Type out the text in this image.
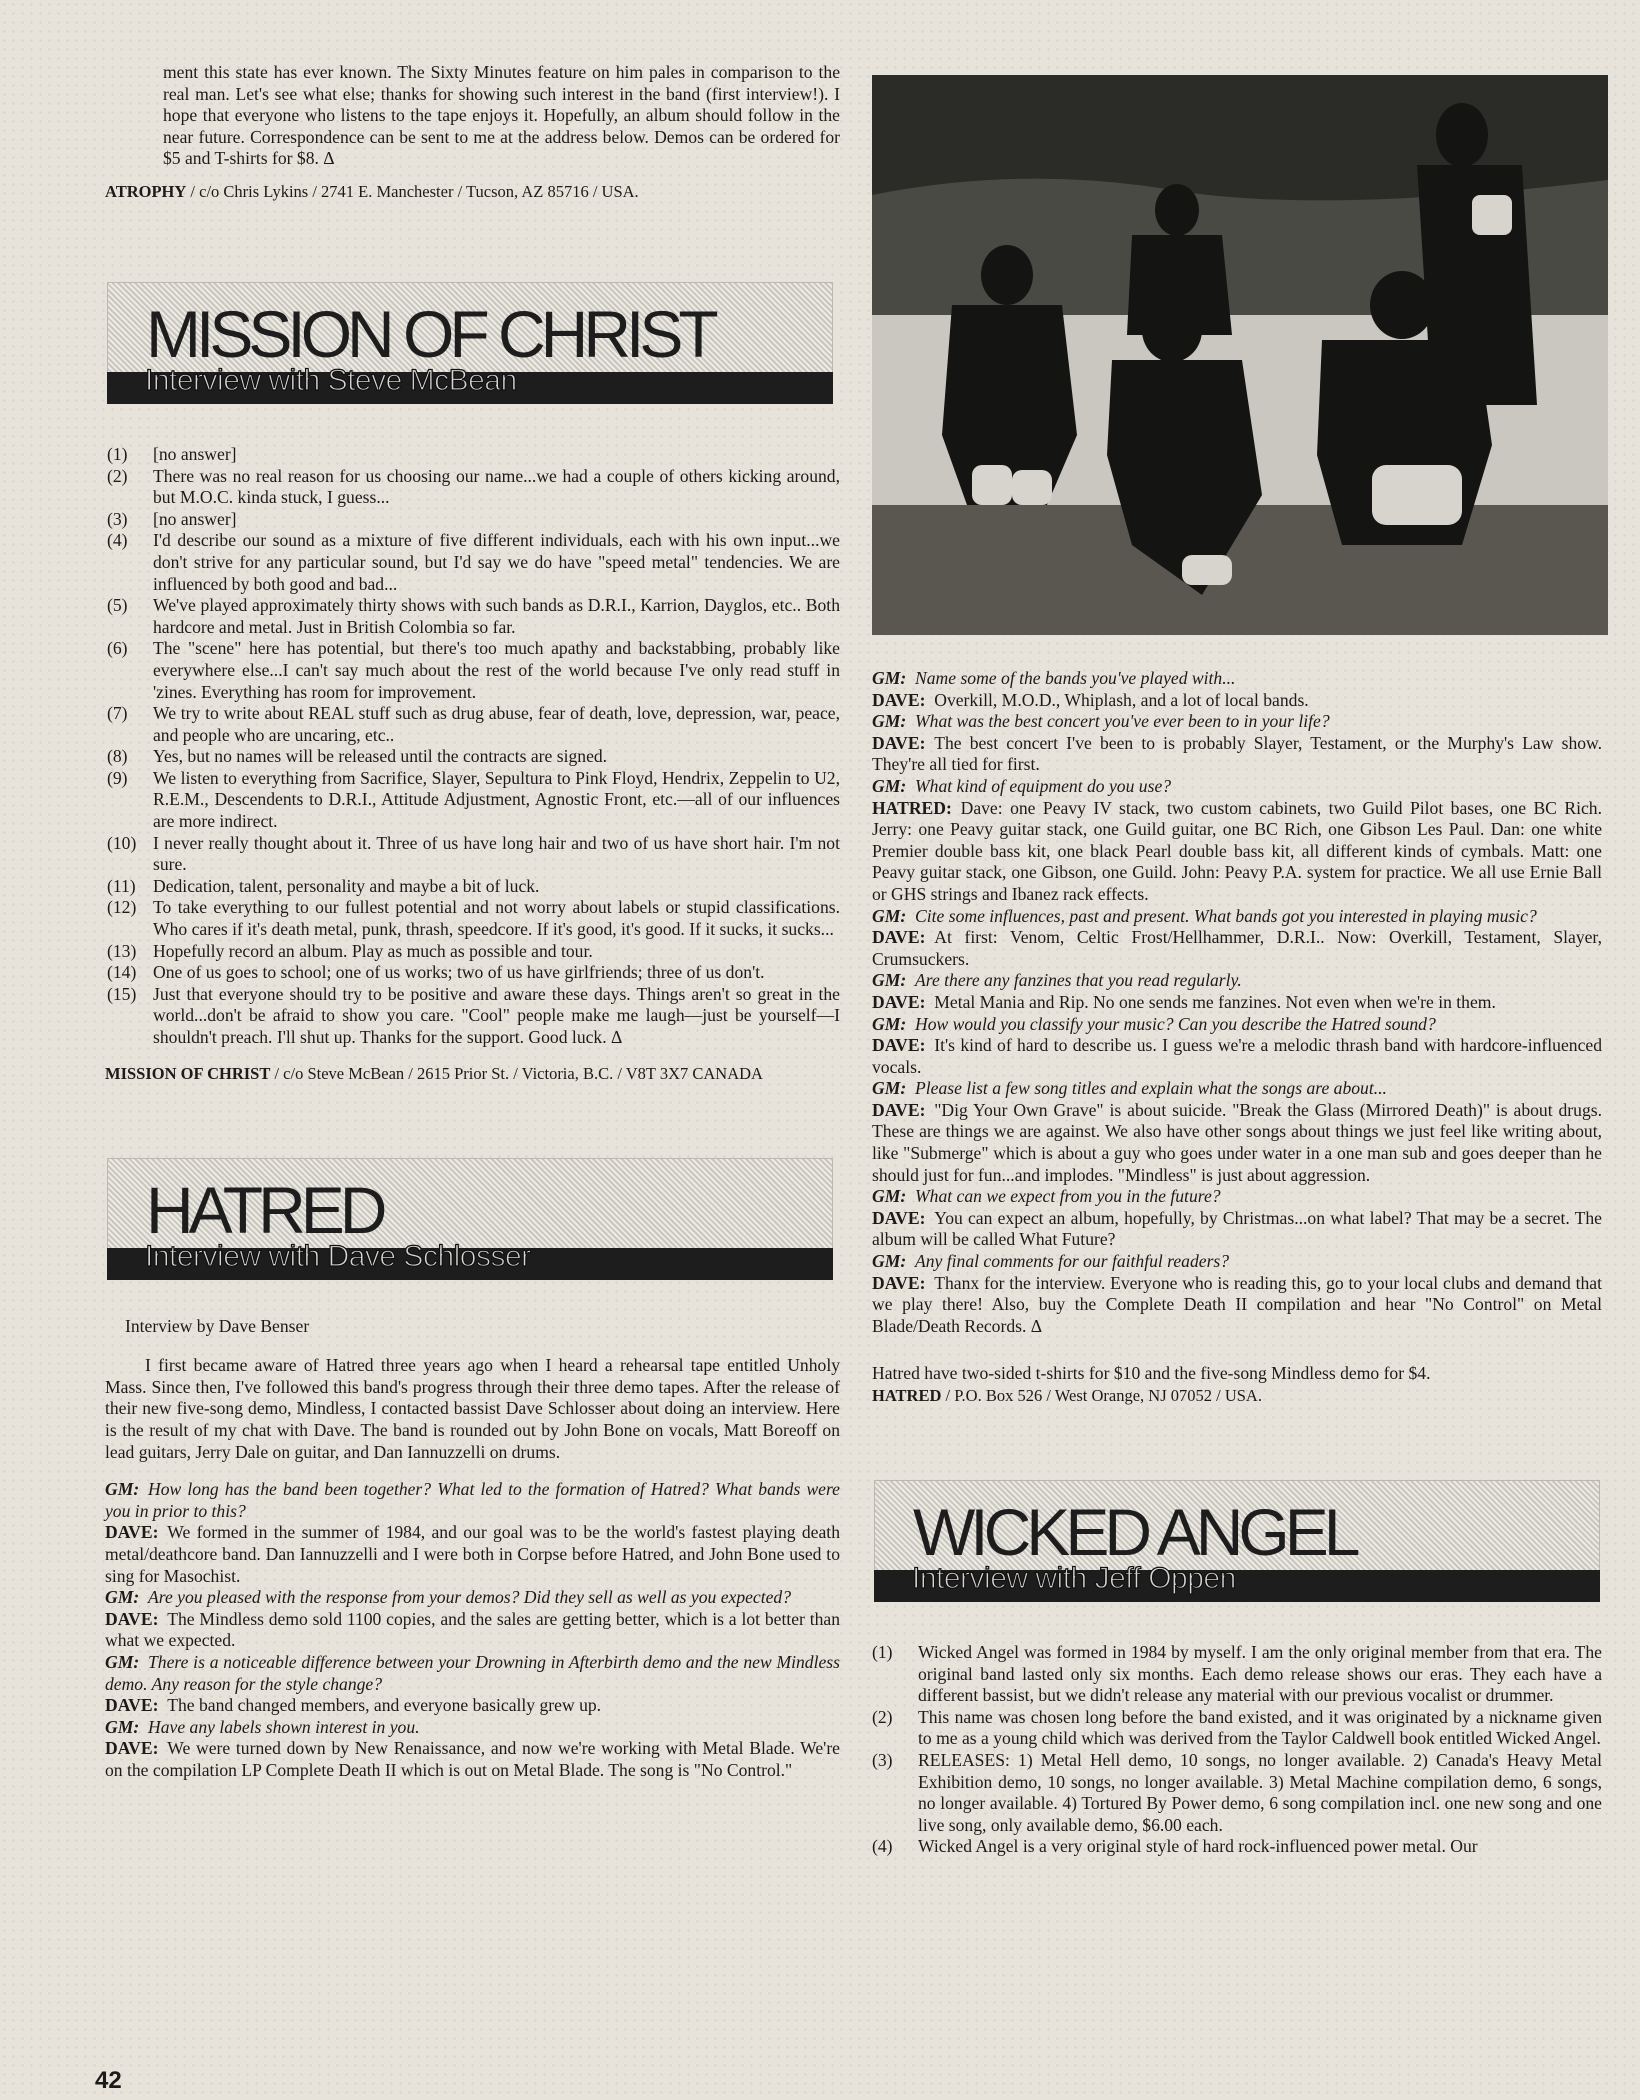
ment this state has ever known. The Sixty Minutes feature on him pales in comparison to the real man. Let's see what else; thanks for showing such interest in the band (first interview!). I hope that everyone who listens to the tape enjoys it. Hopefully, an album should follow in the near future. Correspondence can be sent to me at the address below. Demos can be ordered for $5 and T-shirts for $8. Δ

ATROPHY / c/o Chris Lykins / 2741 E. Manchester / Tucson, AZ 85716 / USA.

MISSION OF CHRIST
Interview with Steve McBean
(1)	[no answer]
(2)	There was no real reason for us choosing our name...we had a couple of others kicking around, but M.O.C. kinda stuck, I guess...
(3)	[no answer]
(4)	I'd describe our sound as a mixture of five different individuals, each with his own input...we don't strive for any particular sound, but I'd say we do have "speed metal" tendencies. We are influenced by both good and bad...
(5)	We've played approximately thirty shows with such bands as D.R.I., Karrion, Dayglos, etc.. Both hardcore and metal. Just in British Colombia so far.
(6)	The "scene" here has potential, but there's too much apathy and backstabbing, probably like everywhere else...I can't say much about the rest of the world because I've only read stuff in 'zines. Everything has room for improvement.
(7)	We try to write about REAL stuff such as drug abuse, fear of death, love, depression, war, peace, and people who are uncaring, etc..
(8)	Yes, but no names will be released until the contracts are signed.
(9)	We listen to everything from Sacrifice, Slayer, Sepultura to Pink Floyd, Hendrix, Zeppelin to U2, R.E.M., Descendents to D.R.I., Attitude Adjustment, Agnostic Front, etc.—all of our influences are more indirect.
(10) I never really thought about it. Three of us have long hair and two of us have short hair. I'm not sure.
(11) Dedication, talent, personality and maybe a bit of luck.
(12) To take everything to our fullest potential and not worry about labels or stupid classifications. Who cares if it's death metal, punk, thrash, speedcore. If it's good, it's good. If it sucks, it sucks...
(13) Hopefully record an album. Play as much as possible and tour.
(14) One of us goes to school; one of us works; two of us have girlfriends; three of us don't.
(15) Just that everyone should try to be positive and aware these days. Things aren't so great in the world...don't be afraid to show you care. "Cool" people make me laugh—just be yourself—I shouldn't preach. I'll shut up. Thanks for the support. Good luck. Δ

MISSION OF CHRIST / c/o Steve McBean / 2615 Prior St. / Victoria, B.C. / V8T 3X7 CANADA

HATRED
Interview with Dave Schlosser

Interview by Dave Benser

I first became aware of Hatred three years ago when I heard a rehearsal tape entitled Unholy Mass. Since then, I've followed this band's progress through their three demo tapes. After the release of their new five-song demo, Mindless, I contacted bassist Dave Schlosser about doing an interview. Here is the result of my chat with Dave. The band is rounded out by John Bone on vocals, Matt Boreoff on lead guitars, Jerry Dale on guitar, and Dan Iannuzzelli on drums.

GM:  How long has the band been together? What led to the formation of Hatred? What bands were you in prior to this?

DAVE:  We formed in the summer of 1984, and our goal was to be the world's fastest playing death metal/deathcore band. Dan Iannuzzelli and I were both in Corpse before Hatred, and John Bone used to sing for Masochist.

GM:  Are you pleased with the response from your demos? Did they sell as well as you expected?

DAVE:  The Mindless demo sold 1100 copies, and the sales are getting better, which is a lot better than what we expected.

GM:  There is a noticeable difference between your Drowning in Afterbirth demo and the new Mindless demo. Any reason for the style change?

DAVE:  The band changed members, and everyone basically grew up.

GM:  Have any labels shown interest in you.

DAVE:  We were turned down by New Renaissance, and now we're working with Metal Blade. We're on the compilation LP Complete Death II which is out on Metal Blade. The song is "No Control."

GM:  Name some of the bands you've played with...

DAVE:  Overkill, M.O.D., Whiplash, and a lot of local bands.

GM:  What was the best concert you've ever been to in your life?

DAVE:  The best concert I've been to is probably Slayer, Testament, or the Murphy's Law show. They're all tied for first.

GM:  What kind of equipment do you use?

HATRED:  Dave: one Peavy IV stack, two custom cabinets, two Guild Pilot bases, one BC Rich. Jerry: one Peavy guitar stack, one Guild guitar, one BC Rich, one Gibson Les Paul. Dan: one white Premier double bass kit, one black Pearl double bass kit, all different kinds of cymbals. Matt: one Peavy guitar stack, one Gibson, one Guild. John: Peavy P.A. system for practice. We all use Ernie Ball or GHS strings and Ibanez rack effects.

GM:  Cite some influences, past and present. What bands got you interested in playing music?

DAVE:  At first: Venom, Celtic Frost/Hellhammer, D.R.I.. Now: Overkill, Testament, Slayer, Crumsuckers.

GM:  Are there any fanzines that you read regularly.

DAVE:  Metal Mania and Rip. No one sends me fanzines. Not even when we're in them.

GM:  How would you classify your music? Can you describe the Hatred sound?

DAVE:  It's kind of hard to describe us. I guess we're a melodic thrash band with hardcore-influenced vocals.

GM:  Please list a few song titles and explain what the songs are about...

DAVE:  "Dig Your Own Grave" is about suicide. "Break the Glass (Mirrored Death)" is about drugs. These are things we are against. We also have other songs about things we just feel like writing about, like "Submerge" which is about a guy who goes under water in a one man sub and goes deeper than he should just for fun...and implodes. "Mindless" is just about aggression.

GM:  What can we expect from you in the future?

DAVE:  You can expect an album, hopefully, by Christmas...on what label? That may be a secret. The album will be called What Future?

GM:  Any final comments for our faithful readers?

DAVE:  Thanx for the interview. Everyone who is reading this, go to your local clubs and demand that we play there! Also, buy the Complete Death II compilation and hear "No Control" on Metal Blade/Death Records. Δ

Hatred have two-sided t-shirts for $10 and the five-song Mindless demo for $4.

HATRED / P.O. Box 526 / West Orange, NJ 07052 / USA.

WICKED ANGEL
Interview with Jeff Oppen
(1)	Wicked Angel was formed in 1984 by myself. I am the only original member from that era. The original band lasted only six months. Each demo release shows our eras. They each have a different bassist, but we didn't release any material with our previous vocalist or drummer.
(2)	This name was chosen long before the band existed, and it was originated by a nickname given to me as a young child which was derived from the Taylor Caldwell book entitled Wicked Angel.
(3)	RELEASES: 1) Metal Hell demo, 10 songs, no longer available. 2) Canada's Heavy Metal Exhibition demo, 10 songs, no longer available. 3) Metal Machine compilation demo, 6 songs, no longer available. 4) Tortured By Power demo, 6 song compilation incl. one new song and one live song, only available demo, $6.00 each.
(4)	Wicked Angel is a very original style of hard rock-influenced power metal. Our
42
